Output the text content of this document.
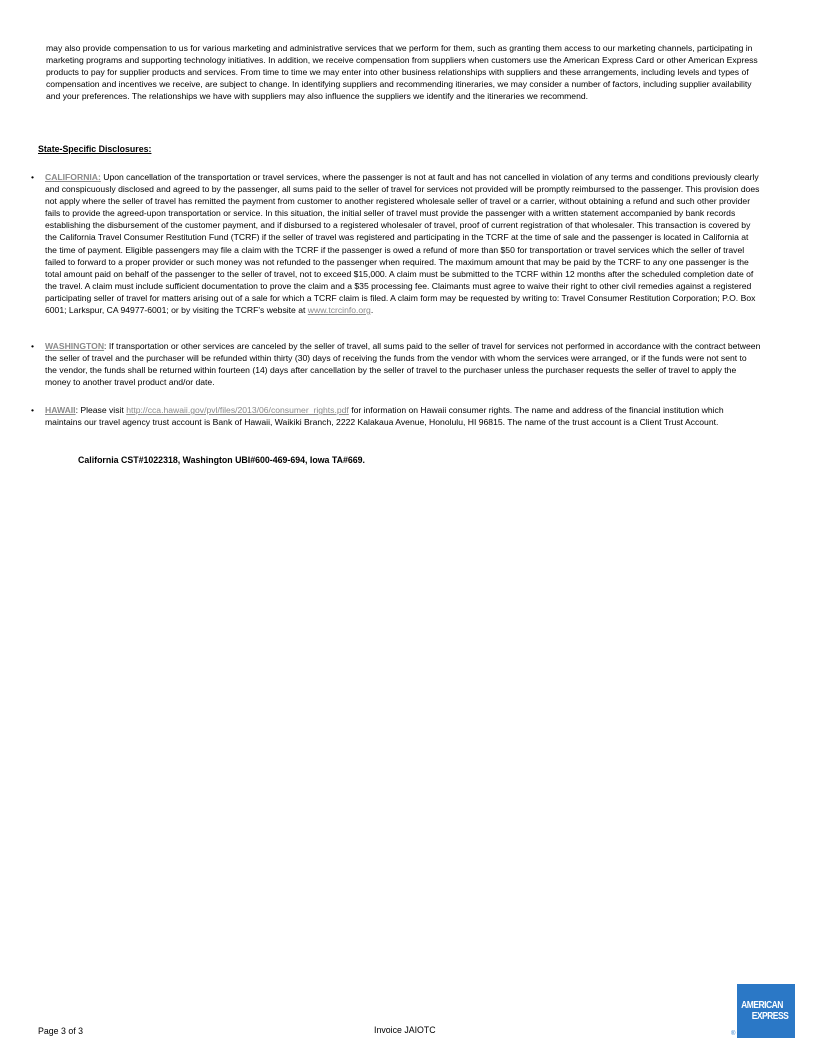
may also provide compensation to us for various marketing and administrative services that we perform for them, such as granting them access to our marketing channels, participating in marketing programs and supporting technology initiatives. In addition, we receive compensation from suppliers when customers use the American Express Card or other American Express products to pay for supplier products and services. From time to time we may enter into other business relationships with suppliers and these arrangements, including levels and types of compensation and incentives we receive, are subject to change. In identifying suppliers and recommending itineraries, we may consider a number of factors, including supplier availability and your preferences. The relationships we have with suppliers may also influence the suppliers we identify and the itineraries we recommend.
State-Specific Disclosures:
•	CALIFORNIA: Upon cancellation of the transportation or travel services, where the passenger is not at fault and has not cancelled in violation of any terms and conditions previously clearly and conspicuously disclosed and agreed to by the passenger, all sums paid to the seller of travel for services not provided will be promptly reimbursed to the passenger. This provision does not apply where the seller of travel has remitted the payment from customer to another registered wholesale seller of travel or a carrier, without obtaining a refund and such other provider fails to provide the agreed-upon transportation or service. In this situation, the initial seller of travel must provide the passenger with a written statement accompanied by bank records establishing the disbursement of the customer payment, and if disbursed to a registered wholesaler of travel, proof of current registration of that wholesaler. This transaction is covered by the California Travel Consumer Restitution Fund (TCRF) if the seller of travel was registered and participating in the TCRF at the time of sale and the passenger is located in California at the time of payment. Eligible passengers may file a claim with the TCRF if the passenger is owed a refund of more than $50 for transportation or travel services which the seller of travel failed to forward to a proper provider or such money was not refunded to the passenger when required. The maximum amount that may be paid by the TCRF to any one passenger is the total amount paid on behalf of the passenger to the seller of travel, not to exceed $15,000. A claim must be submitted to the TCRF within 12 months after the scheduled completion date of the travel. A claim must include sufficient documentation to prove the claim and a $35 processing fee. Claimants must agree to waive their right to other civil remedies against a registered participating seller of travel for matters arising out of a sale for which a TCRF claim is filed. A claim form may be requested by writing to: Travel Consumer Restitution Corporation; P.O. Box 6001; Larkspur, CA 94977-6001; or by visiting the TCRF's website at www.tcrcinfo.org.
•	WASHINGTON: If transportation or other services are canceled by the seller of travel, all sums paid to the seller of travel for services not performed in accordance with the contract between the seller of travel and the purchaser will be refunded within thirty (30) days of receiving the funds from the vendor with whom the services were arranged, or if the funds were not sent to the vendor, the funds shall be returned within fourteen (14) days after cancellation by the seller of travel to the purchaser unless the purchaser requests the seller of travel to apply the money to another travel product and/or date.
•	HAWAII: Please visit http://cca.hawaii.gov/pvl/files/2013/06/consumer_rights.pdf for information on Hawaii consumer rights. The name and address of the financial institution which maintains our travel agency trust account is Bank of Hawaii, Waikiki Branch, 2222 Kalakaua Avenue, Honolulu, HI 96815. The name of the trust account is a Client Trust Account.
California CST#1022318, Washington UBI#600-469-694, Iowa TA#669.
Page 3 of 3	Invoice JAIOTC
AMERICAN
EXPRESS
®
